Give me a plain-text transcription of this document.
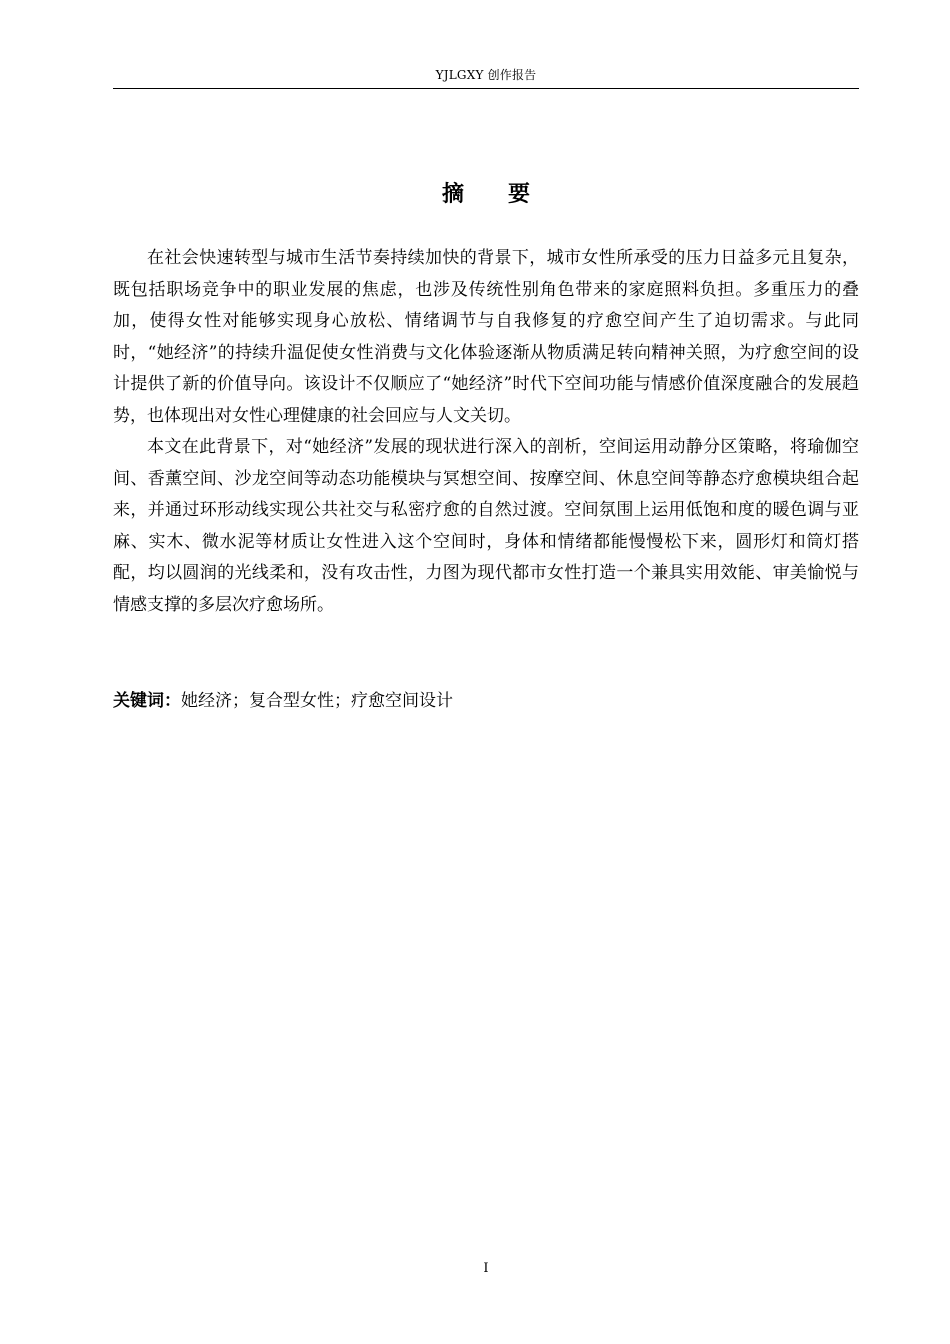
YJLGXY 创作报告
摘 要

在社会快速转型与城市生活节奏持续加快的背景下，城市女性所承受的压力日益多元且复杂，既包括职场竞争中的职业发展的焦虑，也涉及传统性别角色带来的家庭照料负担。多重压力的叠加，使得女性对能够实现身心放松、情绪调节与自我修复的疗愈空间产生了迫切需求。与此同时，“她经济”的持续升温促使女性消费与文化体验逐渐从物质满足转向精神关照，为疗愈空间的设计提供了新的价值导向。该设计不仅顺应了“她经济”时代下空间功能与情感价值深度融合的发展趋势，也体现出对女性心理健康的社会回应与人文关切。

本文在此背景下，对“她经济”发展的现状进行深入的剖析，空间运用动静分区策略，将瑜伽空间、香薰空间、沙龙空间等动态功能模块与冥想空间、按摩空间、休息空间等静态疗愈模块组合起来，并通过环形动线实现公共社交与私密疗愈的自然过渡。空间氛围上运用低饱和度的暖色调与亚麻、实木、微水泥等材质让女性进入这个空间时，身体和情绪都能慢慢松下来，圆形灯和筒灯搭配，均以圆润的光线柔和，没有攻击性，力图为现代都市女性打造一个兼具实用效能、审美愉悦与情感支撑的多层次疗愈场所。

关键词：她经济；复合型女性；疗愈空间设计
I
